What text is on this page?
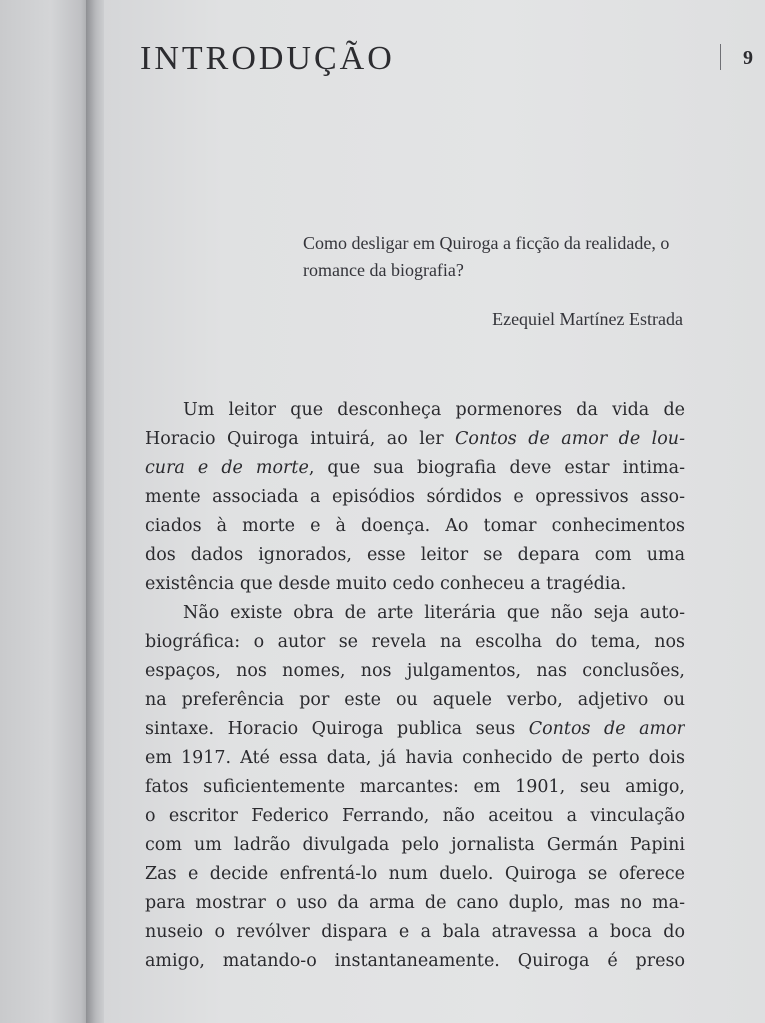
INTRODUÇÃO	9
Como desligar em Quiroga a ficção da realidade, o romance da biografia?
Ezequiel Martínez Estrada
Um leitor que desconheça pormenores da vida de
Horacio Quiroga intuirá, ao ler Contos de amor de lou-
cura e de morte, que sua biografia deve estar intima-
mente associada a episódios sórdidos e opressivos asso-
ciados à morte e à doença. Ao tomar conhecimentos
dos dados ignorados, esse leitor se depara com uma
existência que desde muito cedo conheceu a tragédia.
Não existe obra de arte literária que não seja auto-
biográfica: o autor se revela na escolha do tema, nos
espaços, nos nomes, nos julgamentos, nas conclusões,
na preferência por este ou aquele verbo, adjetivo ou
sintaxe. Horacio Quiroga publica seus Contos de amor
em 1917. Até essa data, já havia conhecido de perto dois
fatos suficientemente marcantes: em 1901, seu amigo,
o escritor Federico Ferrando, não aceitou a vinculação
com um ladrão divulgada pelo jornalista Germán Papini
Zas e decide enfrentá-lo num duelo. Quiroga se oferece
para mostrar o uso da arma de cano duplo, mas no ma-
nuseio o revólver dispara e a bala atravessa a boca do
amigo, matando-o instantaneamente. Quiroga é preso
